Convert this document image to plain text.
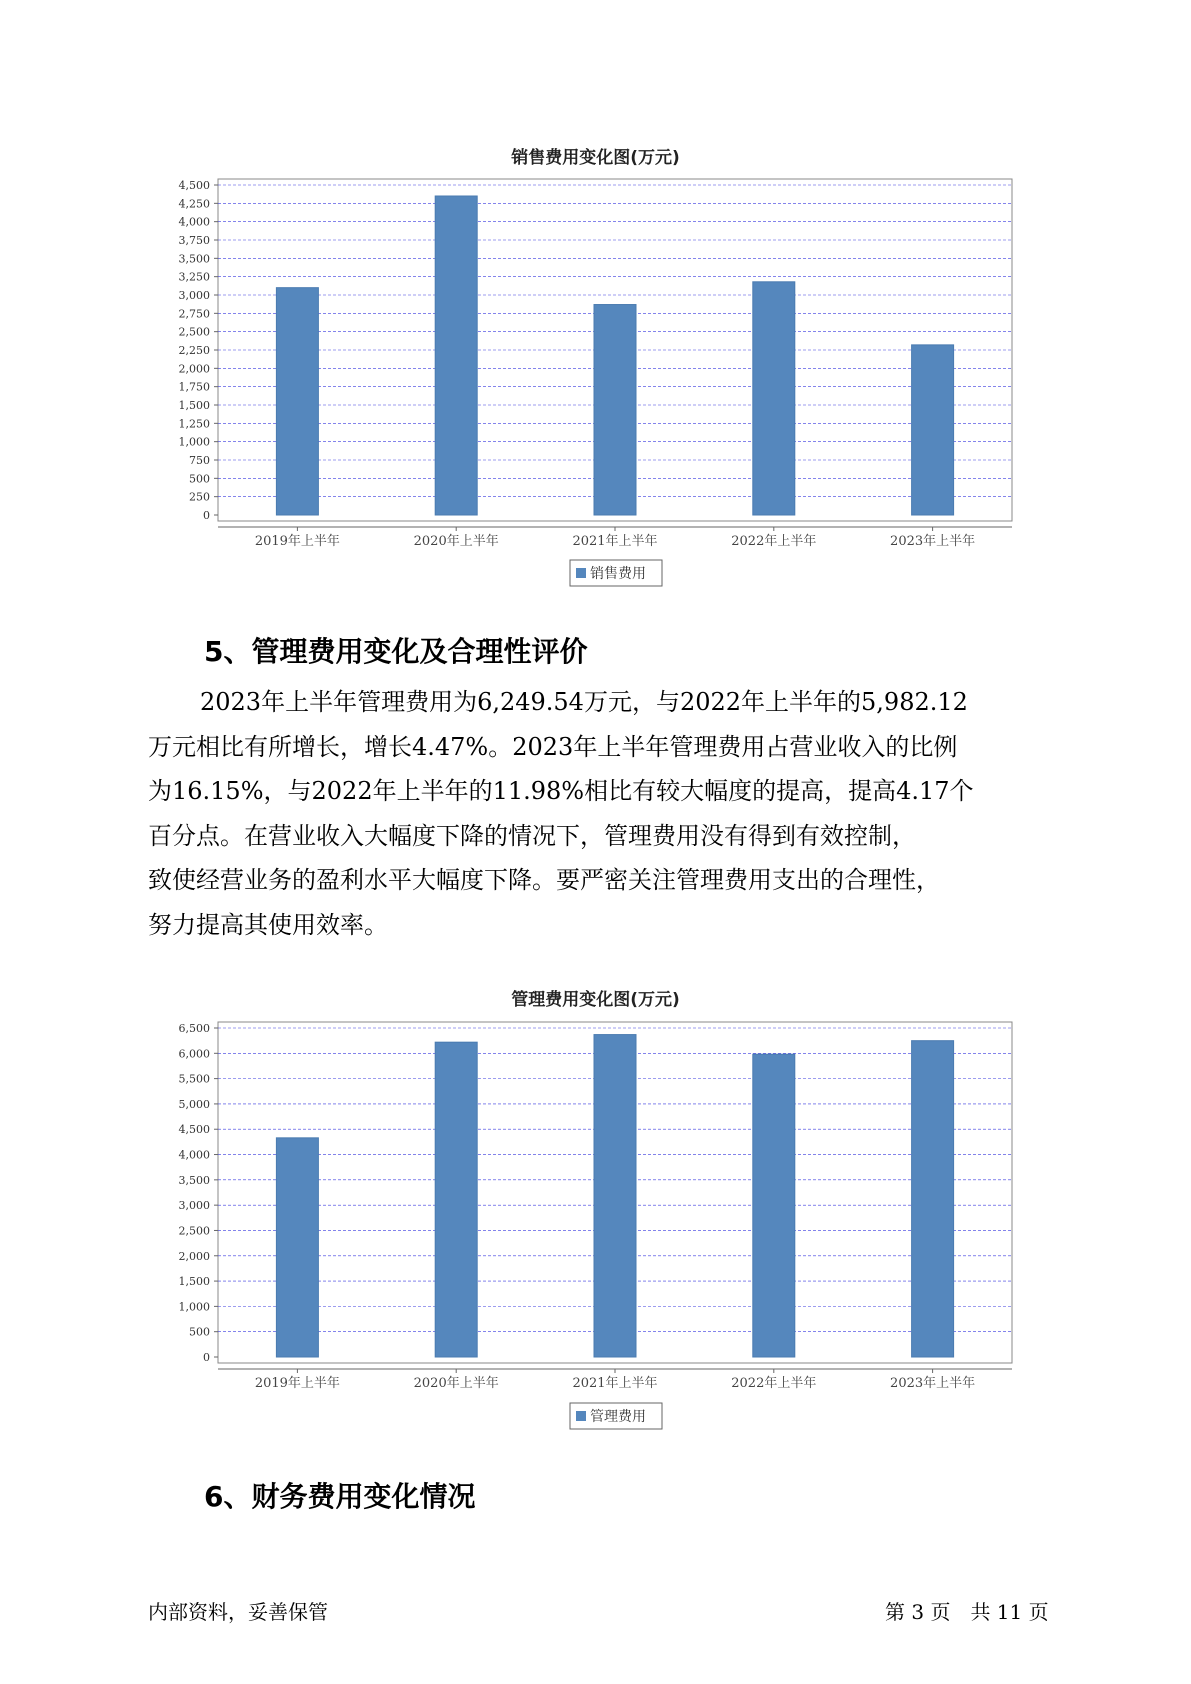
销售费用变化图(万元)
0
250
500
750
1,000
1,250
1,500
1,750
2,000
2,250
2,500
2,750
3,000
3,250
3,500
3,750
4,000
4,250
4,500
2019年上半年	2020年上半年	2021年上半年	2022年上半年	2023年上半年
销售费用
5、管理费用变化及合理性评价
2023年上半年管理费用为6,249.54万元，与2022年上半年的5,982.12
万元相比有所增长，增长4.47%。2023年上半年管理费用占营业收入的比例
为16.15%，与2022年上半年的11.98%相比有较大幅度的提高，提高4.17个
百分点。在营业收入大幅度下降的情况下，管理费用没有得到有效控制，
致使经营业务的盈利水平大幅度下降。要严密关注管理费用支出的合理性，
努力提高其使用效率。
管理费用变化图(万元)
0
500
1,000
1,500
2,000
2,500
3,000
3,500
4,000
4,500
5,000
5,500
6,000
6,500
2019年上半年	2020年上半年	2021年上半年	2022年上半年	2023年上半年
管理费用
6、财务费用变化情况
内部资料，妥善保管	第 3 页　共 11 页
